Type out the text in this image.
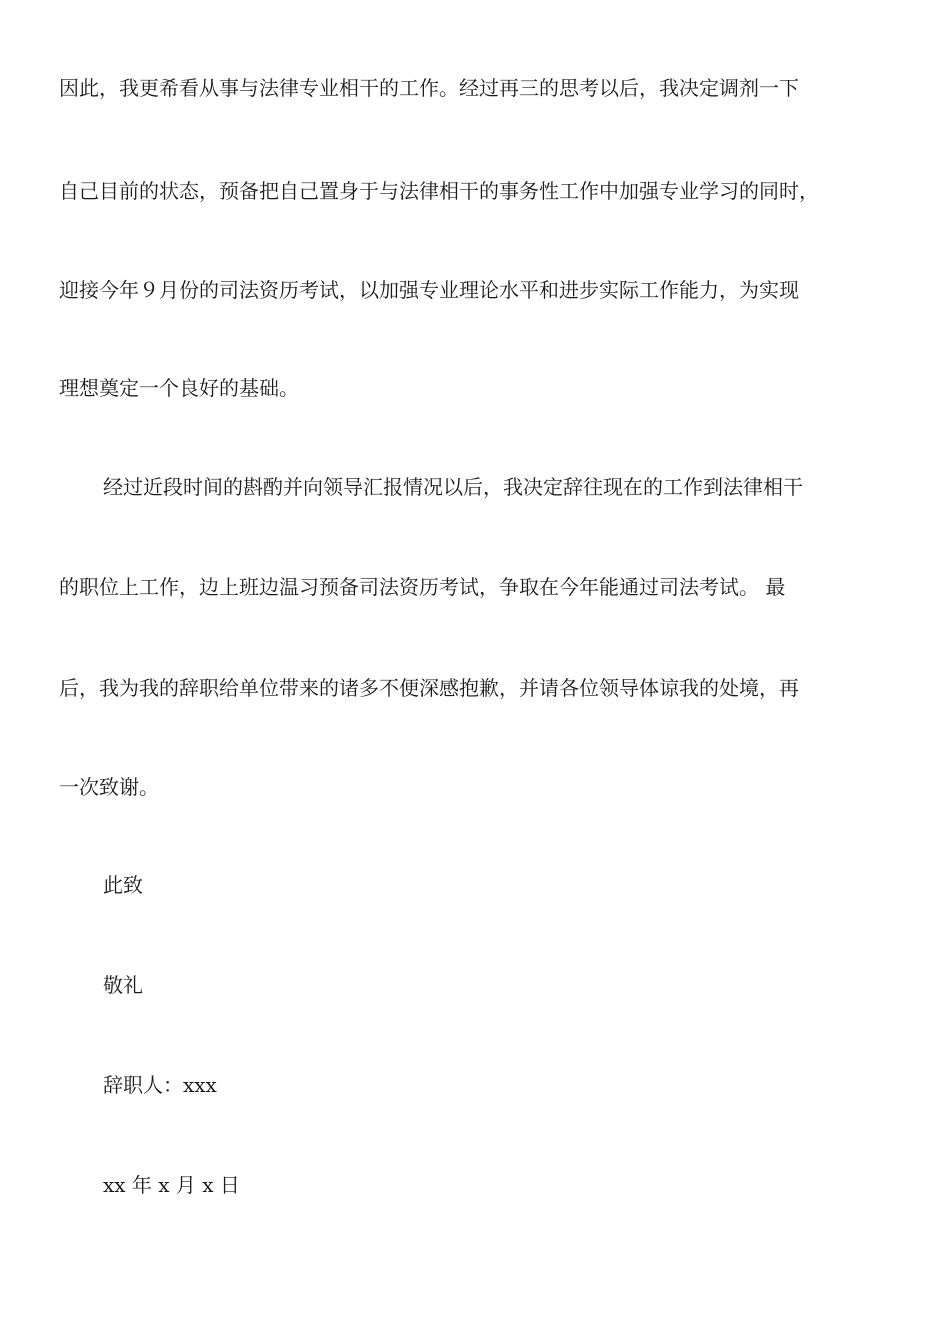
因此，我更希看从事与法律专业相干的工作。经过再三的思考以后，我决定调剂一下
自己目前的状态，预备把自己置身于与法律相干的事务性工作中加强专业学习的同时，
迎接今年９月份的司法资历考试，以加强专业理论水平和进步实际工作能力，为实现
理想奠定一个良好的基础。
经过近段时间的斟酌并向领导汇报情况以后，我决定辞往现在的工作到法律相干
的职位上工作，边上班边温习预备司法资历考试，争取在今年能通过司法考试。 最
后，我为我的辞职给单位带来的诸多不便深感抱歉，并请各位领导体谅我的处境，再
一次致谢。
此致
敬礼
辞职人：xxx
xx 年 x 月 x 日
